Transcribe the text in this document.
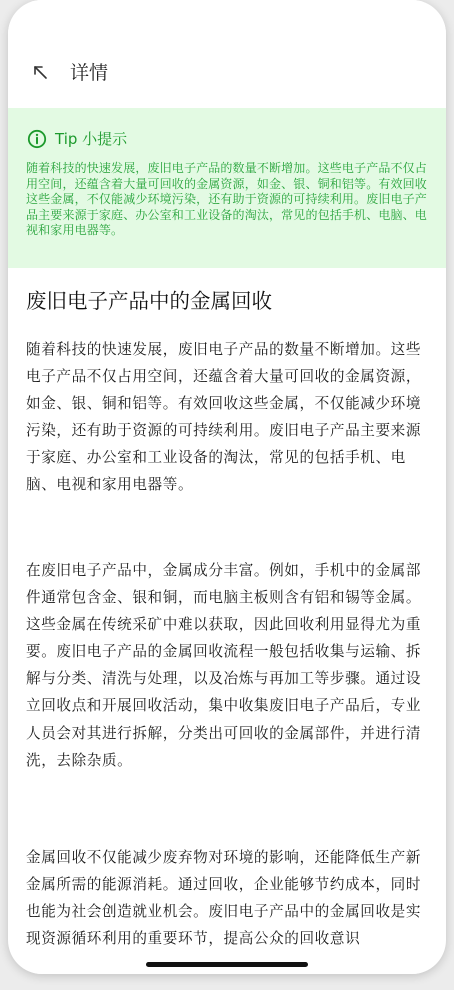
详情
Tip 小提示

随着科技的快速发展，废旧电子产品的数量不断增加。这些电子产品不仅占用空间，还蕴含着大量可回收的金属资源，如金、银、铜和铝等。有效回收这些金属，不仅能减少环境污染，还有助于资源的可持续利用。废旧电子产品主要来源于家庭、办公室和工业设备的淘汰，常见的包括手机、电脑、电视和家用电器等。

废旧电子产品中的金属回收

随着科技的快速发展，废旧电子产品的数量不断增加。这些电子产品不仅占用空间，还蕴含着大量可回收的金属资源，如金、银、铜和铝等。有效回收这些金属，不仅能减少环境污染，还有助于资源的可持续利用。废旧电子产品主要来源于家庭、办公室和工业设备的淘汰，常见的包括手机、电脑、电视和家用电器等。

在废旧电子产品中，金属成分丰富。例如，手机中的金属部件通常包含金、银和铜，而电脑主板则含有铝和锡等金属。这些金属在传统采矿中难以获取，因此回收利用显得尤为重要。废旧电子产品的金属回收流程一般包括收集与运输、拆解与分类、清洗与处理，以及冶炼与再加工等步骤。通过设立回收点和开展回收活动，集中收集废旧电子产品后，专业人员会对其进行拆解，分类出可回收的金属部件，并进行清洗，去除杂质。

金属回收不仅能减少废弃物对环境的影响，还能降低生产新金属所需的能源消耗。通过回收，企业能够节约成本，同时也能为社会创造就业机会。废旧电子产品中的金属回收是实现资源循环利用的重要环节，提高公众的回收意识
